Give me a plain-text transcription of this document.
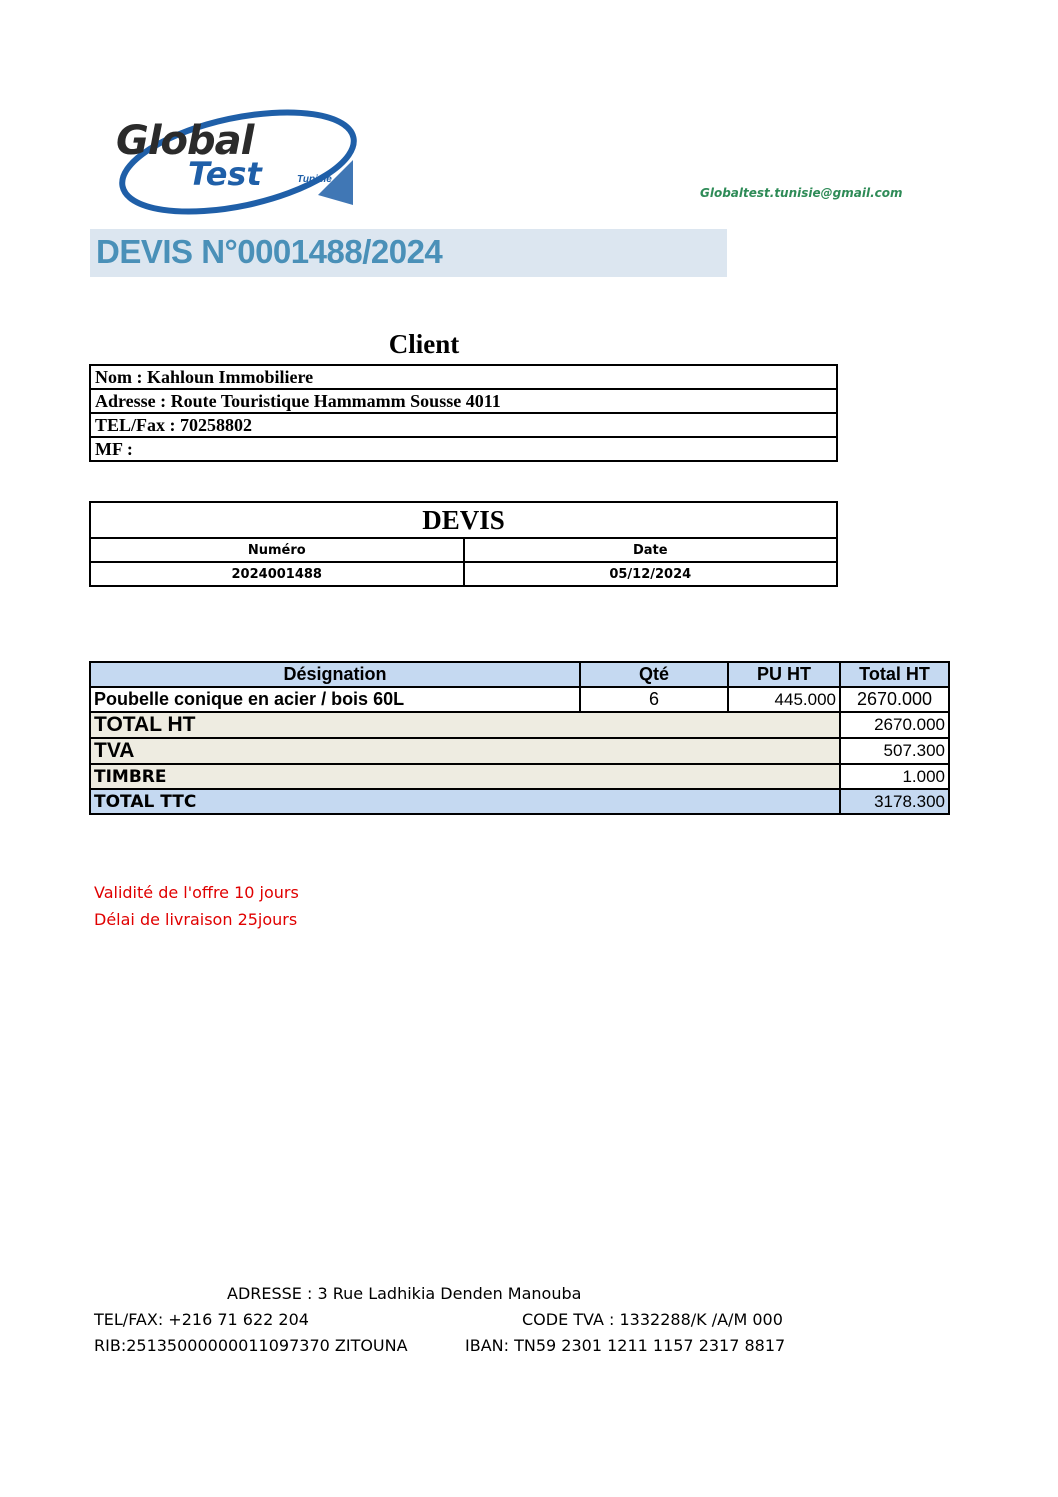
Global
Test	Tunisie
Globaltest.tunisie@gmail.com
DEVIS N°0001488/2024
Client
Nom : Kahloun Immobiliere
Adresse : Route Touristique Hammamm Sousse 4011
TEL/Fax : 70258802
MF :
DEVIS	
Numéro	Date
2024001488	05/12/2024
Désignation	Qté	PU HT	Total HT
Poubelle conique en acier / bois 60L	6	445.000	2670.000
TOTAL HT			2670.000
TVA			507.300
TIMBRE			1.000
TOTAL TTC			3178.300
Validité de l'offre 10 jours
Délai de livraison 25jours
ADRESSE : 3 Rue Ladhikia Denden Manouba
TEL/FAX: +216 71 622 204	CODE TVA : 1332288/K /A/M 000
RIB:25135000000011097370 ZITOUNA	IBAN: TN59 2301 1211 1157 2317 8817
